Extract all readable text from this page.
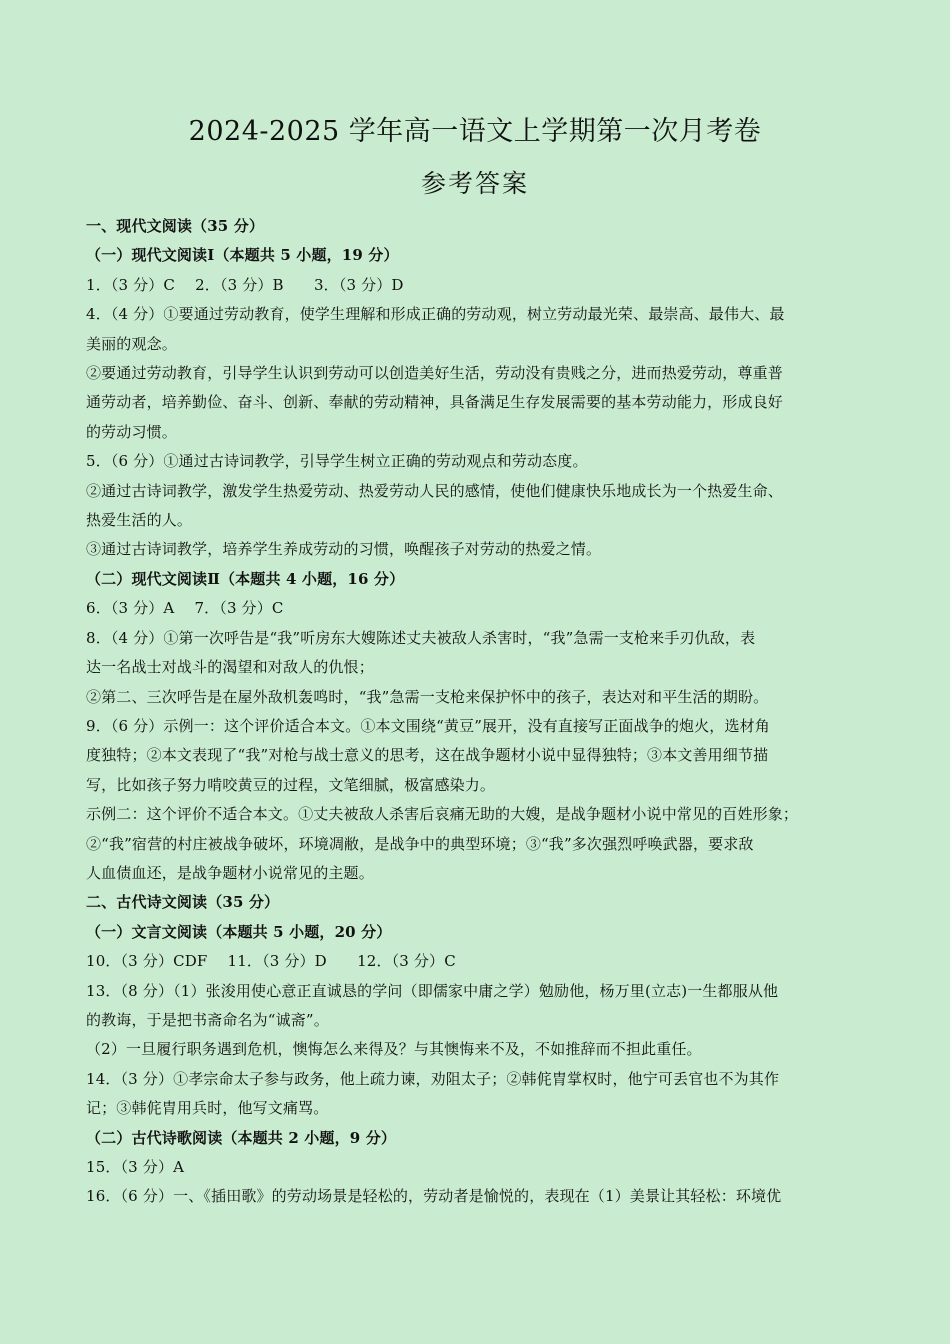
2024-2025 学年高一语文上学期第一次月考卷
参考答案
一、现代文阅读（35 分）
（一）现代文阅读Ⅰ（本题共 5 小题，19 分）
1．（3 分）C　 2．（3 分）B　　3．（3 分）D
4．（4 分）①要通过劳动教育，使学生理解和形成正确的劳动观，树立劳动最光荣、最崇高、最伟大、最
美丽的观念。
②要通过劳动教育，引导学生认识到劳动可以创造美好生活，劳动没有贵贱之分，进而热爱劳动，尊重普
通劳动者，培养勤俭、奋斗、创新、奉献的劳动精神，具备满足生存发展需要的基本劳动能力，形成良好
的劳动习惯。
5．（6 分）①通过古诗词教学，引导学生树立正确的劳动观点和劳动态度。
②通过古诗词教学，激发学生热爱劳动、热爱劳动人民的感情，使他们健康快乐地成长为一个热爱生命、
热爱生活的人。
③通过古诗词教学，培养学生养成劳动的习惯，唤醒孩子对劳动的热爱之情。
（二）现代文阅读Ⅱ（本题共 4 小题，16 分）
6．（3 分）A　 7．（3 分）C
8．（4 分）①第一次呼告是“我”听房东大嫂陈述丈夫被敌人杀害时，“我”急需一支枪来手刃仇敌，表
达一名战士对战斗的渴望和对敌人的仇恨；
②第二、三次呼告是在屋外敌机轰鸣时，“我”急需一支枪来保护怀中的孩子，表达对和平生活的期盼。
9．（6 分）示例一：这个评价适合本文。①本文围绕“黄豆”展开，没有直接写正面战争的炮火，选材角
度独特；②本文表现了“我”对枪与战士意义的思考，这在战争题材小说中显得独特；③本文善用细节描
写，比如孩子努力啃咬黄豆的过程，文笔细腻，极富感染力。
示例二：这个评价不适合本文。①丈夫被敌人杀害后哀痛无助的大嫂，是战争题材小说中常见的百姓形象；
②“我”宿营的村庄被战争破坏，环境凋敝，是战争中的典型环境；③“我”多次强烈呼唤武器，要求敌
人血债血还，是战争题材小说常见的主题。
二、古代诗文阅读（35 分）
（一）文言文阅读（本题共 5 小题，20 分）
10．（3 分）CDF　 11．（3 分）D　　12．（3 分）C
13．（8 分）（1）张浚用使心意正直诚恳的学问（即儒家中庸之学）勉励他，杨万里(立志)一生都服从他
的教诲，于是把书斋命名为“诚斋”。
（2）一旦履行职务遇到危机，懊悔怎么来得及？与其懊悔来不及，不如推辞而不担此重任。
14．（3 分）①孝宗命太子参与政务，他上疏力谏，劝阻太子；②韩侂胄掌权时，他宁可丢官也不为其作
记；③韩侂胄用兵时，他写文痛骂。
（二）古代诗歌阅读（本题共 2 小题，9 分）
15．（3 分）A
16．（6 分）一、《插田歌》的劳动场景是轻松的，劳动者是愉悦的，表现在（1）美景让其轻松：环境优
